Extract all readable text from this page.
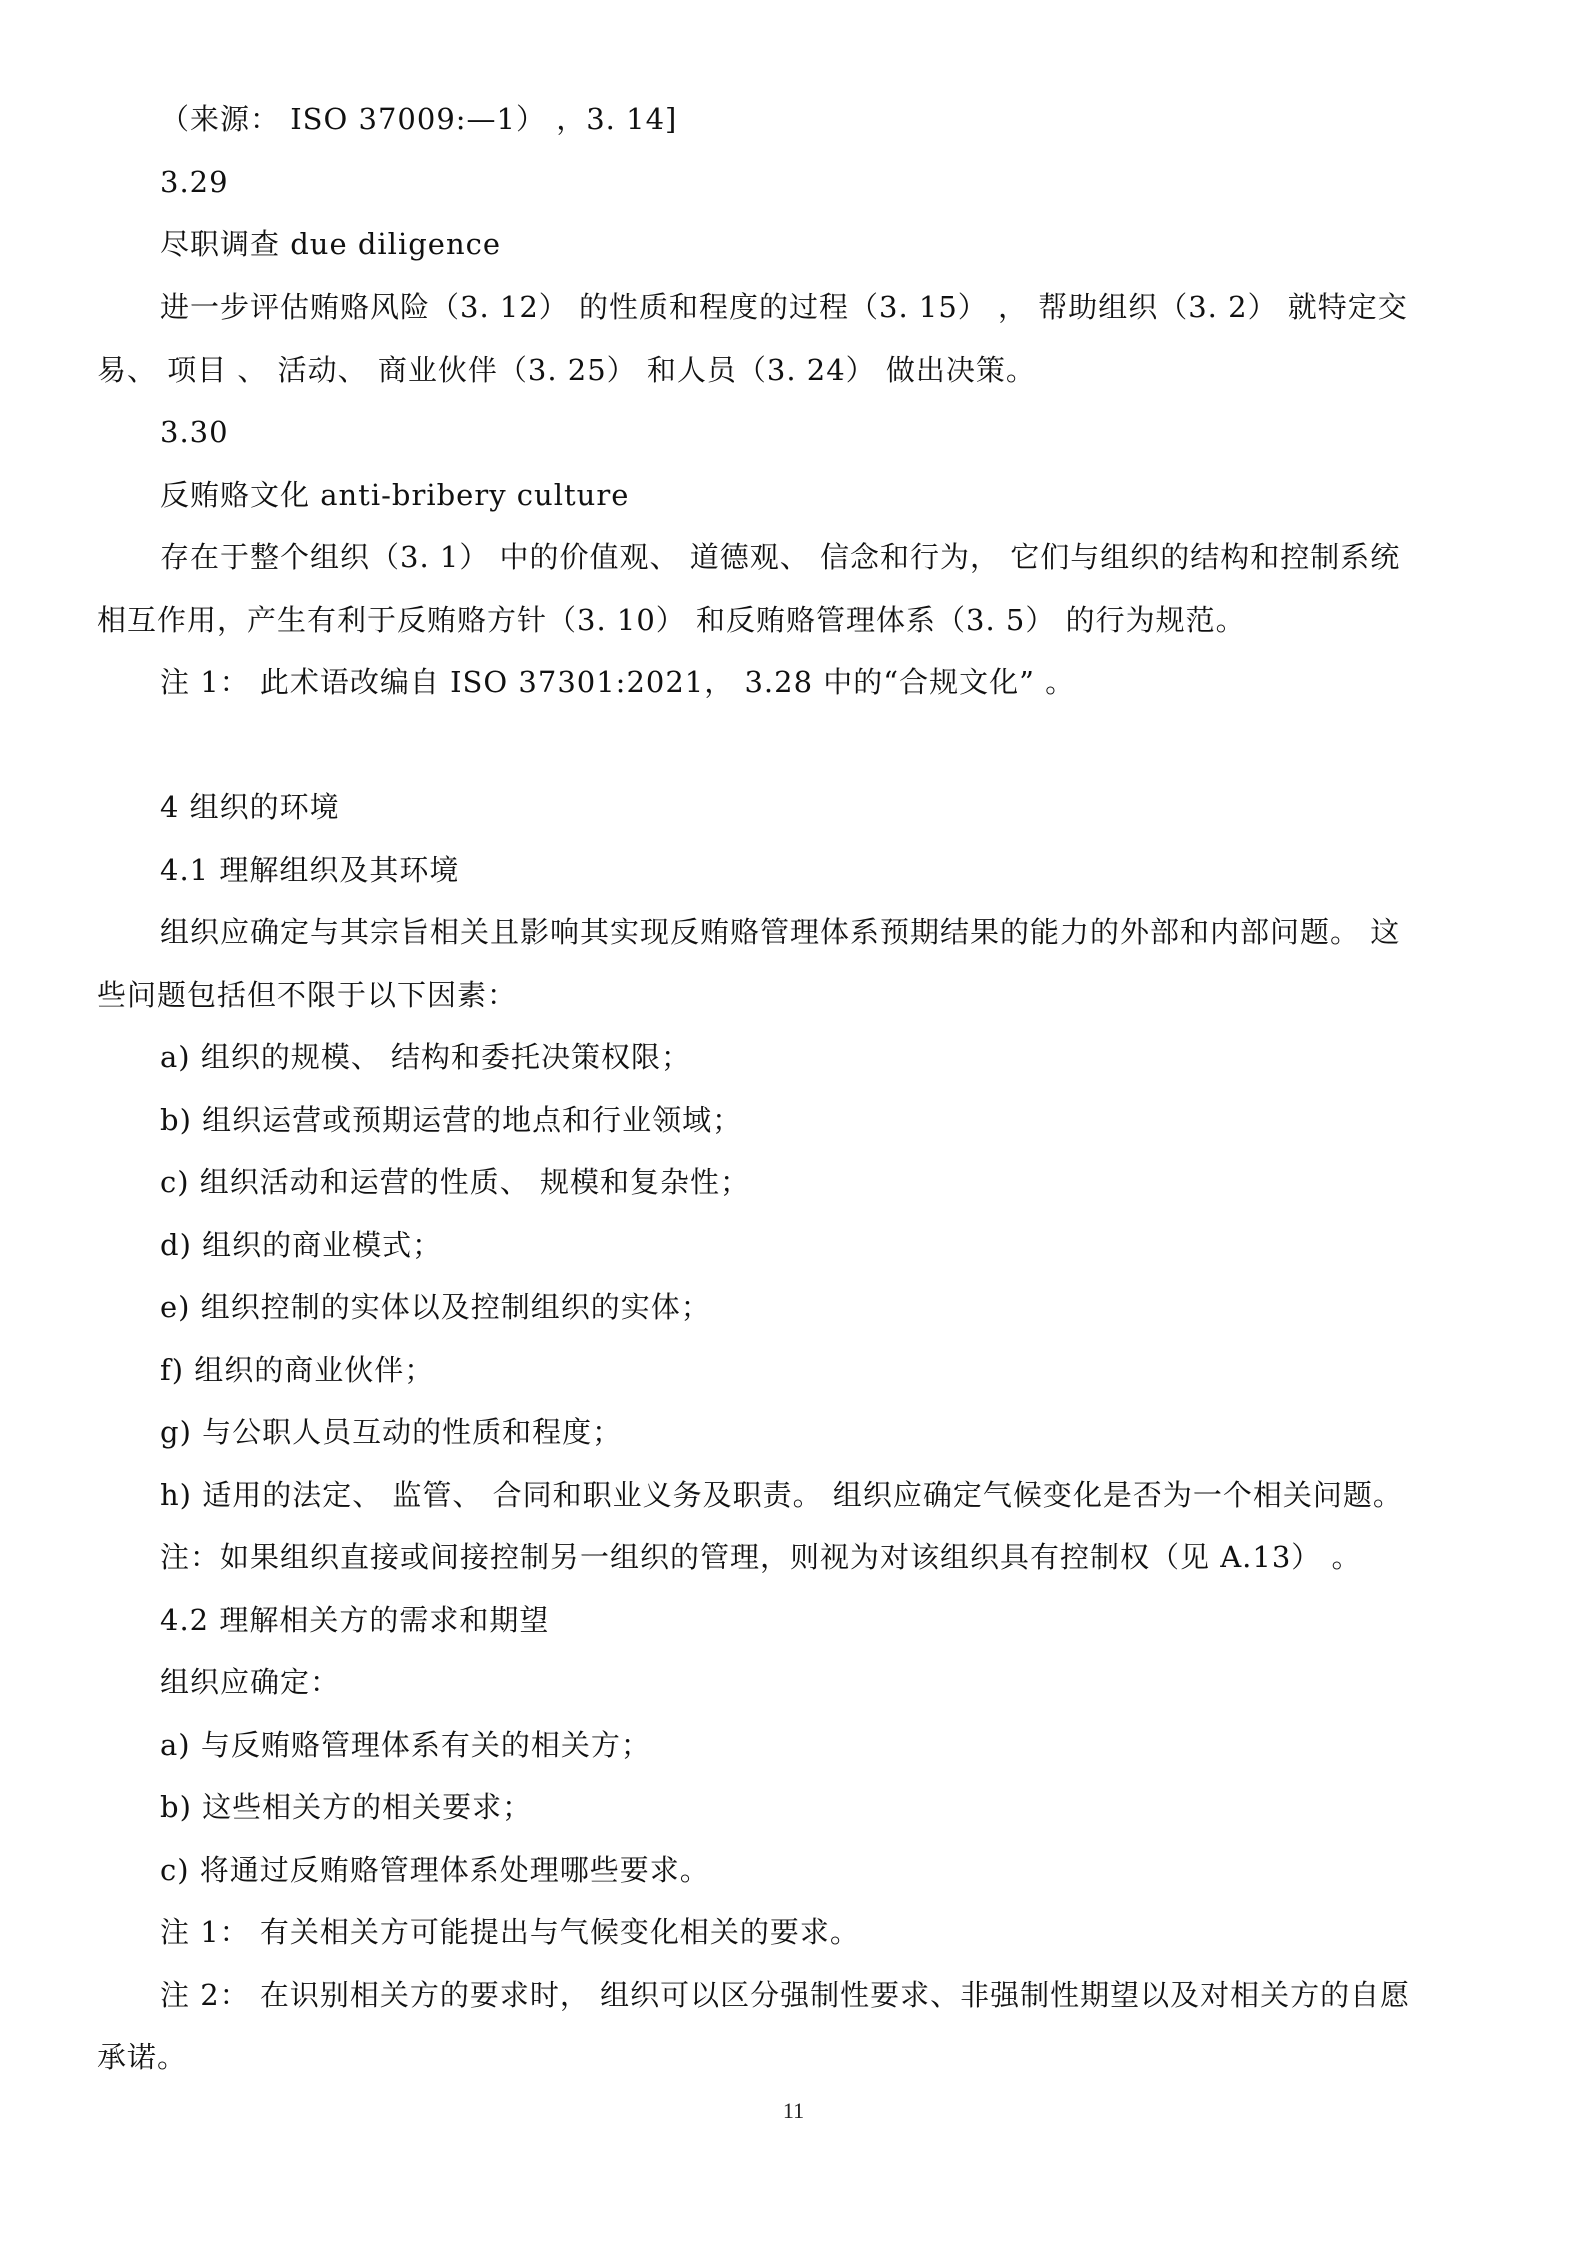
（来源： ISO 37009:—1） ，3. 14]
3.29
尽职调查 due diligence
进一步评估贿赂风险（3. 12） 的性质和程度的过程（3. 15） ， 帮助组织（3. 2） 就特定交
易、 项目 、 活动、 商业伙伴（3. 25） 和人员（3. 24） 做出决策。
3.30
反贿赂文化 anti-bribery culture
存在于整个组织（3. 1） 中的价值观、 道德观、 信念和行为， 它们与组织的结构和控制系统
相互作用，产生有利于反贿赂方针（3. 10） 和反贿赂管理体系（3. 5） 的行为规范。
注 1： 此术语改编自 ISO 37301:2021， 3.28 中的“合规文化” 。
4 组织的环境
4.1 理解组织及其环境
组织应确定与其宗旨相关且影响其实现反贿赂管理体系预期结果的能力的外部和内部问题。 这
些问题包括但不限于以下因素：
a) 组织的规模、 结构和委托决策权限；
b) 组织运营或预期运营的地点和行业领域；
c) 组织活动和运营的性质、 规模和复杂性；
d) 组织的商业模式；
e) 组织控制的实体以及控制组织的实体；
f) 组织的商业伙伴；
g) 与公职人员互动的性质和程度；
h) 适用的法定、 监管、 合同和职业义务及职责。 组织应确定气候变化是否为一个相关问题。
注：如果组织直接或间接控制另一组织的管理，则视为对该组织具有控制权（见 A.13） 。
4.2 理解相关方的需求和期望
组织应确定：
a) 与反贿赂管理体系有关的相关方；
b) 这些相关方的相关要求；
c) 将通过反贿赂管理体系处理哪些要求。
注 1： 有关相关方可能提出与气候变化相关的要求。
注 2： 在识别相关方的要求时， 组织可以区分强制性要求、非强制性期望以及对相关方的自愿
承诺。
11
